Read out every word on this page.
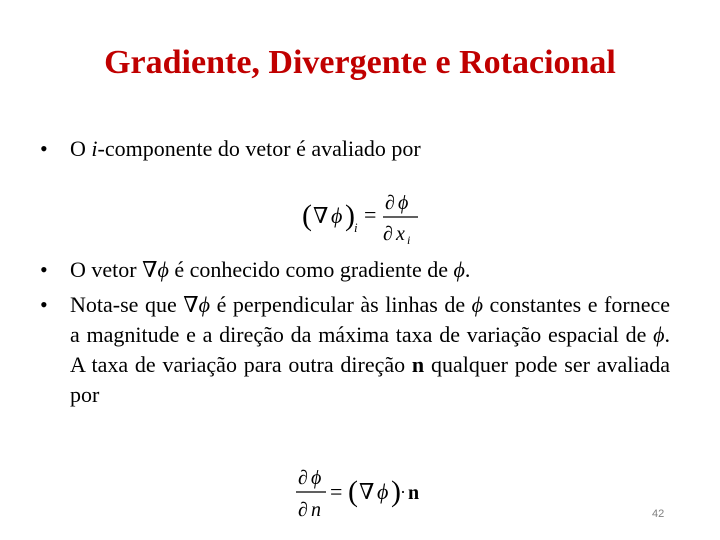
Gradiente, Divergente e Rotacional
• O i-componente do vetor é avaliado por
( ∇ ϕ ) i
= ∂ ϕ
∂ x i
• O vetor ∇ϕ é conhecido como gradiente de ϕ.
• Nota-se que ∇ϕ é perpendicular às linhas de ϕ constantes e fornece a magnitude e a direção da máxima taxa de variação espacial de ϕ. A taxa de variação para outra direção n qualquer pode ser avaliada por
∂ ϕ
∂ n
= ( ∇ ϕ ) · n
42
